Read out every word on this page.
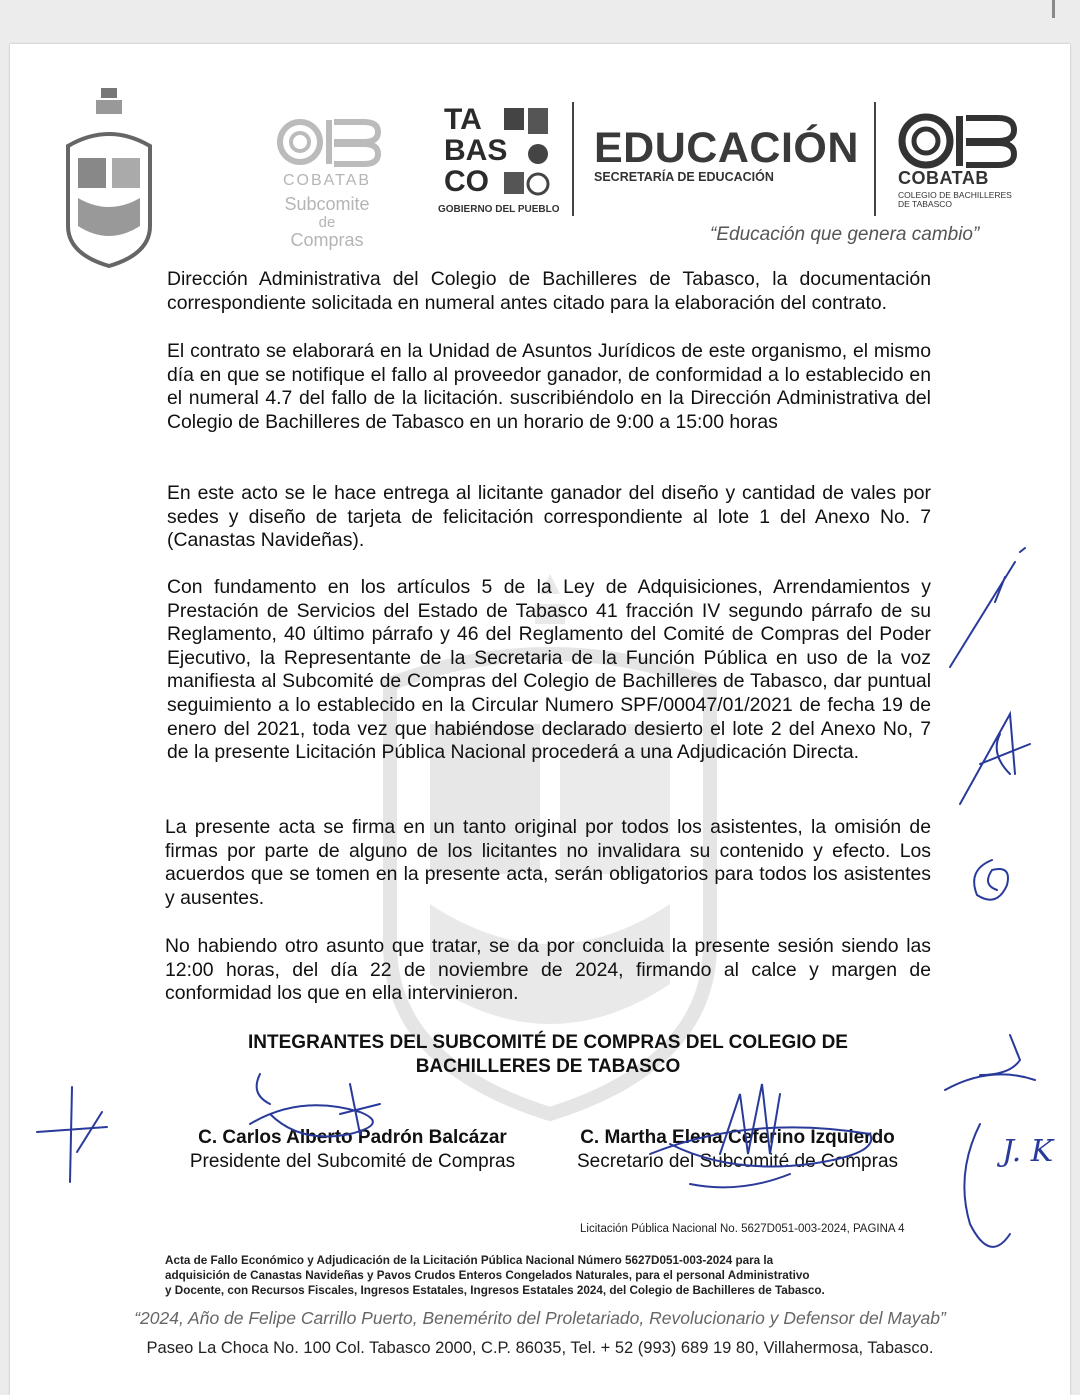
COBATAB
Subcomite
de
Compras
TA
BAS
CO
GOBIERNO DEL PUEBLO
EDUCACIÓN
SECRETARÍA DE EDUCACIÓN	COBATAB
COLEGIO DE BACHILLERES
DE TABASCO
“Educación que genera cambio”

Dirección Administrativa del Colegio de Bachilleres de Tabasco, la documentación correspondiente solicitada en numeral antes citado para la elaboración del contrato.

El contrato se elaborará en la Unidad de Asuntos Jurídicos de este organismo, el mismo día en que se notifique el fallo al proveedor ganador, de conformidad a lo establecido en el numeral 4.7 del fallo de la licitación. suscribiéndolo en la Dirección Administrativa del Colegio de Bachilleres de Tabasco en un horario de 9:00 a 15:00 horas

En este acto se le hace entrega al licitante ganador del diseño y cantidad de vales por sedes y diseño de tarjeta de felicitación correspondiente al lote 1 del Anexo No. 7 (Canastas Navideñas).

Con fundamento en los artículos 5 de la Ley de Adquisiciones, Arrendamientos y Prestación de Servicios del Estado de Tabasco 41 fracción IV segundo párrafo de su Reglamento, 40 último párrafo y 46 del Reglamento del Comité de Compras del Poder Ejecutivo, la Representante de la Secretaria de la Función Pública en uso de la voz manifiesta al Subcomité de Compras del Colegio de Bachilleres de Tabasco, dar puntual seguimiento a lo establecido en la Circular Numero SPF/00047/01/2021 de fecha 19 de enero del 2021, toda vez que habiéndose declarado desierto el lote 2 del Anexo No, 7 de la presente Licitación Pública Nacional procederá a una Adjudicación Directa.

La presente acta se firma en un tanto original por todos los asistentes, la omisión de firmas por parte de alguno de los licitantes no invalidara su contenido y efecto. Los acuerdos que se tomen en la presente acta, serán obligatorios para todos los asistentes y ausentes.

No habiendo otro asunto que tratar, se da por concluida la presente sesión siendo las 12:00 horas, del día 22 de noviembre de 2024, firmando al calce y margen de conformidad los que en ella intervinieron.

INTEGRANTES DEL SUBCOMITÉ DE COMPRAS DEL COLEGIO DE
BACHILLERES DE TABASCO
C. Carlos Alberto Padrón Balcázar
Presidente del Subcomité de Compras
C. Martha Elena Ceferino Izquierdo
Secretario del Subcomité de Compras	J. K
Licitación Pública Nacional No. 5627D051-003-2024, PAGINA 4
Acta de Fallo Económico y Adjudicación de la Licitación Pública Nacional Número 5627D051-003-2024 para la
adquisición de Canastas Navideñas y Pavos Crudos Enteros Congelados Naturales, para el personal Administrativo
y Docente, con Recursos Fiscales, Ingresos Estatales, Ingresos Estatales 2024, del Colegio de Bachilleres de Tabasco.
“2024, Año de Felipe Carrillo Puerto, Benemérito del Proletariado, Revolucionario y Defensor del Mayab”
Paseo La Choca No. 100 Col. Tabasco 2000, C.P. 86035, Tel. + 52 (993) 689 19 80, Villahermosa, Tabasco.
